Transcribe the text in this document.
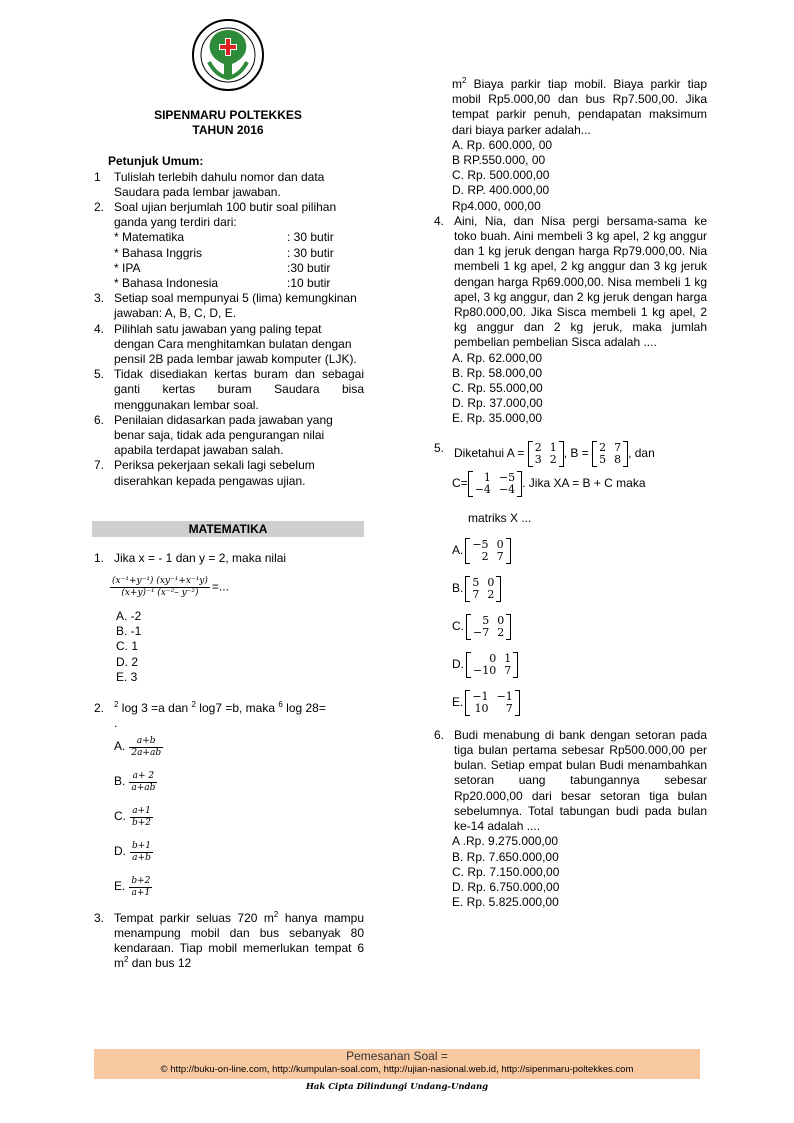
SIPENMARU POLTEKKES
TAHUN 2016
Petunjuk Umum:
1 Tulislah terlebih dahulu nomor dan data Saudara pada lembar jawaban.
2. Soal ujian berjumlah 100 butir soal pilihan ganda yang terdiri dari:
* Matematika	: 30 butir
* Bahasa Inggris	: 30 butir
* IPA	:30 butir
* Bahasa Indonesia	:10 butir
3. Setiap soal mempunyai 5 (lima) kemungkinan jawaban: A, B, C, D, E.
4. Pilihlah satu jawaban yang paling tepat dengan Cara menghitamkan bulatan dengan pensil 2B pada lembar jawab komputer (LJK).
5. Tidak disediakan kertas buram dan sebagai ganti kertas buram Saudara bisa menggunakan lembar soal.
6. Penilaian didasarkan pada jawaban yang benar saja, tidak ada pengurangan nilai apabila terdapat jawaban salah.
7. Periksa pekerjaan sekali lagi sebelum diserahkan kepada pengawas ujian.
MATEMATIKA
1. Jika x = - 1 dan y = 2, maka nilai
$\frac{\text{(x⁻¹+y⁻¹) (xy⁻¹+x⁻¹y)}}{\text{(x+y)⁻¹ (x⁻²– y⁻²)}}$ =...
A. -2
B. -1
C. 1
D. 2
E. 3
2. $^2$ log 3 =a dan $^2$ log7 =b, maka $^6$ log 28=
.
A. $\frac{a+b}{2a+ab}$
B. $\frac{a+ 2}{a+ab}$
C. $\frac{a+1}{b+2}$
D. $\frac{b+1}{a+b}$
E. $\frac{b+2}{a+1}$
3. Tempat parkir seluas 720 $m^2$ hanya mampu menampung mobil dan bus sebanyak 80 kendaraan. Tiap mobil memerlukan tempat 6 $m^2$ dan bus 12
$m^2$ Biaya parkir tiap mobil. Biaya parkir tiap mobil Rp5.000,00 dan bus Rp7.500,00. Jika tempat parkir penuh, pendapatan maksimum dari biaya parker adalah...
A. Rp. 600.000, 00
B RP.550.000, 00
C. Rp. 500.000,00
D. RP. 400.000,00
Rp4.000, 000,00
4. Aini, Nia, dan Nisa pergi bersama-sama ke toko buah. Aini membeli 3 kg apel, 2 kg anggur dan 1 kg jeruk dengan harga Rp79.000,00. Nia membeli 1 kg apel, 2 kg anggur dan 3 kg jeruk dengan harga Rp69.000,00. Nisa membeli 1 kg apel, 3 kg anggur, dan 2 kg jeruk dengan harga Rp80.000,00. Jika Sisca membeli 1 kg apel, 2 kg anggur dan 2 kg jeruk, maka jumlah pembelian pembelian Sisca adalah ....
A. Rp. 62.000,00
B. Rp. 58.000,00
C. Rp. 55.000,00
D. Rp. 37.000,00
E. Rp. 35.000,00
5. Diketahui A = 2 1
3 2 , B = 2 7
5 8 , dan
C=	1 −5
−4 −4 . Jika XA = B + C maka
matriks X ...
A. −5 0
2 7
B. 5 0
7 2
C.	5 0
−7 2
D.	0 1
−10 7
E. −1 −1
10	7
6. Budi menabung di bank dengan setoran pada tiga bulan pertama sebesar Rp500.000,00 per bulan. Setiap empat bulan Budi menambahkan setoran uang tabungannya sebesar Rp20.000,00 dari besar setoran tiga bulan sebelumnya. Total tabungan budi pada bulan ke-14 adalah ....
A .Rp. 9.275.000,00
B. Rp. 7.650.000,00
C. Rp. 7.150.000,00
D. Rp. 6.750.000,00
E. Rp. 5.825.000,00
Pemesanan Soal =
© http://buku-on-line.com, http://kumpulan-soal.com, http://ujian-nasional.web.id, http://sipenmaru-poltekkes.com
Hak Cipta Dilindungi Undang-Undang
